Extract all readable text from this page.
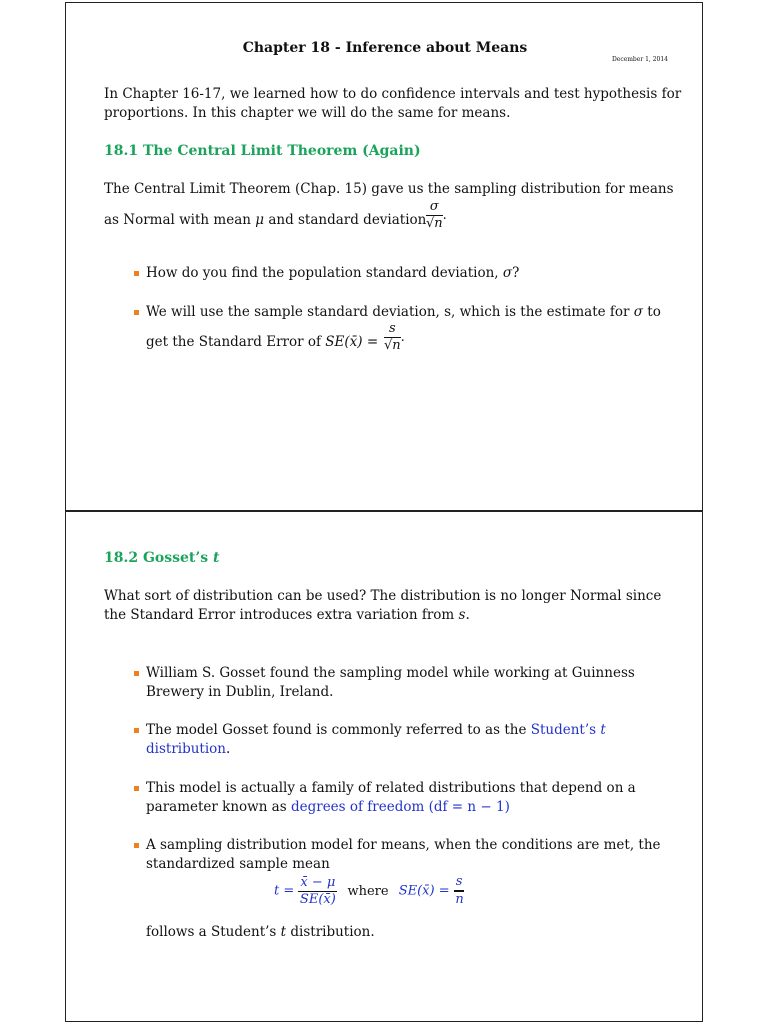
Chapter 18 - Inference about Means
December 1, 2014
In Chapter 16-17, we learned how to do confidence intervals and test hypothesis for
proportions. In this chapter we will do the same for means.
18.1 The Central Limit Theorem (Again)
The Central Limit Theorem (Chap. 15) gave us the sampling distribution for means
as Normal with mean μ and standard deviation $\frac{\sigma}{√n}$ .
How do you find the population standard deviation, σ?
We will use the sample standard deviation, s, which is the estimate for σ to
get the Standard Error of SE(x̄) = $\frac{s}{√n}$ .
18.2 Gosset’s t
What sort of distribution can be used? The distribution is no longer Normal since
the Standard Error introduces extra variation from s.
William S. Gosset found the sampling model while working at Guinness
Brewery in Dublin, Ireland.
The model Gosset found is commonly referred to as the Student’s t
distribution.
This model is actually a family of related distributions that depend on a
parameter known as degrees of freedom (df = n − 1)
A sampling distribution model for means, when the conditions are met, the
standardized sample mean
$t = \frac{x̄ - \mu}{SE(x̄)}$ where SE(x̄) = $\frac{s}{n}$
follows a Student’s t distribution.
